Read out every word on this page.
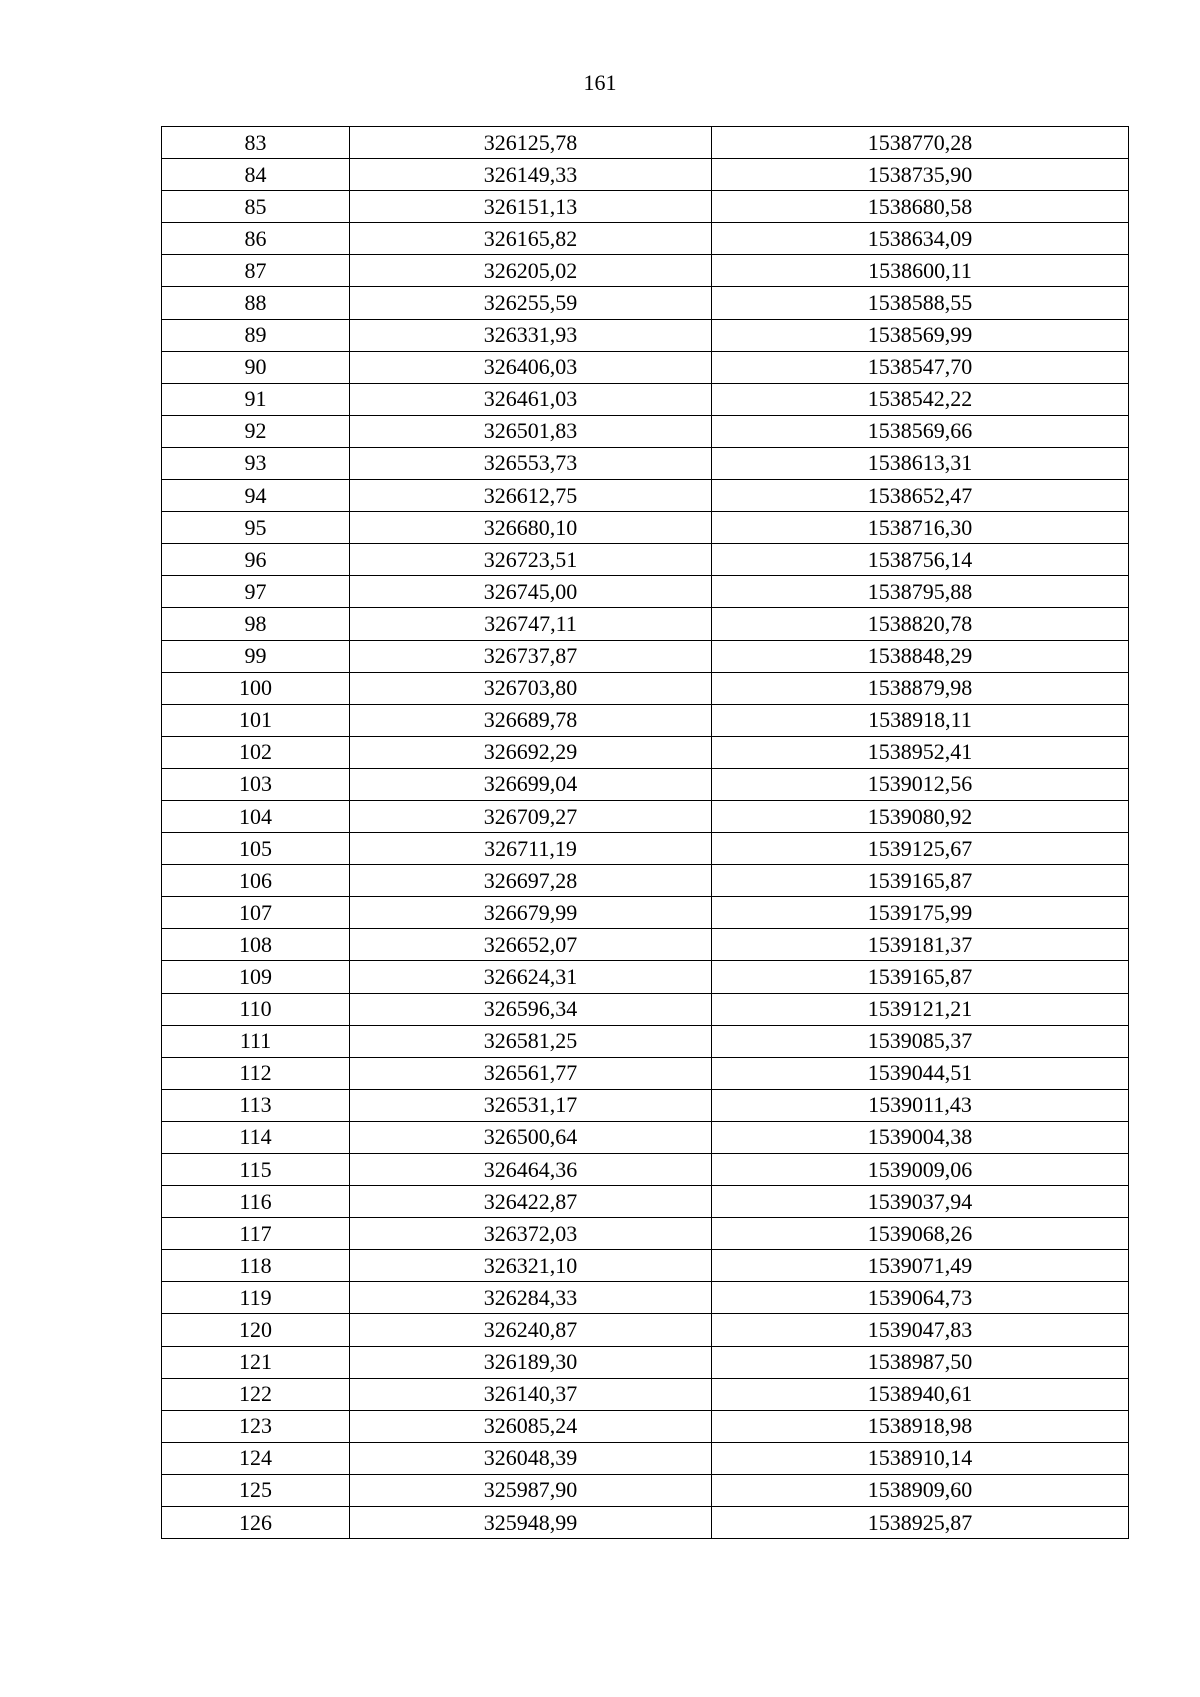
161
83	326125,78	1538770,28
84	326149,33	1538735,90
85	326151,13	1538680,58
86	326165,82	1538634,09
87	326205,02	1538600,11
88	326255,59	1538588,55
89	326331,93	1538569,99
90	326406,03	1538547,70
91	326461,03	1538542,22
92	326501,83	1538569,66
93	326553,73	1538613,31
94	326612,75	1538652,47
95	326680,10	1538716,30
96	326723,51	1538756,14
97	326745,00	1538795,88
98	326747,11	1538820,78
99	326737,87	1538848,29
100	326703,80	1538879,98
101	326689,78	1538918,11
102	326692,29	1538952,41
103	326699,04	1539012,56
104	326709,27	1539080,92
105	326711,19	1539125,67
106	326697,28	1539165,87
107	326679,99	1539175,99
108	326652,07	1539181,37
109	326624,31	1539165,87
110	326596,34	1539121,21
111	326581,25	1539085,37
112	326561,77	1539044,51
113	326531,17	1539011,43
114	326500,64	1539004,38
115	326464,36	1539009,06
116	326422,87	1539037,94
117	326372,03	1539068,26
118	326321,10	1539071,49
119	326284,33	1539064,73
120	326240,87	1539047,83
121	326189,30	1538987,50
122	326140,37	1538940,61
123	326085,24	1538918,98
124	326048,39	1538910,14
125	325987,90	1538909,60
126	325948,99	1538925,87
